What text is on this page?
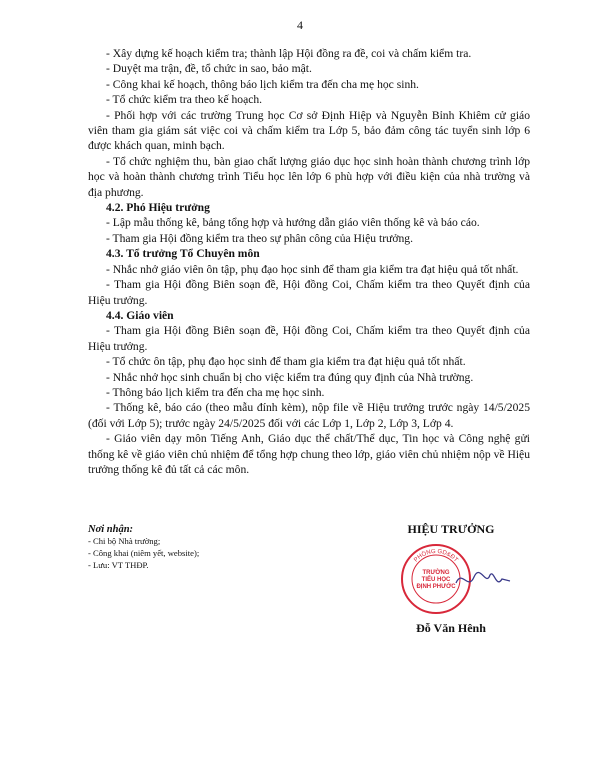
4

- Xây dựng kế hoạch kiểm tra; thành lập Hội đồng ra đề, coi và chấm kiểm tra.

- Duyệt ma trận, đề, tổ chức in sao, bảo mật.

- Công khai kế hoạch, thông báo lịch kiểm tra đến cha mẹ học sinh.

- Tổ chức kiểm tra theo kế hoạch.

- Phối hợp với các trường Trung học Cơ sở Định Hiệp và Nguyễn Bỉnh Khiêm cử giáo viên tham gia giám sát việc coi và chấm kiểm tra Lớp 5, bảo đảm công tác tuyển sinh lớp 6 được khách quan, minh bạch.

- Tổ chức nghiệm thu, bàn giao chất lượng giáo dục học sinh hoàn thành chương trình lớp học và hoàn thành chương trình Tiểu học lên lớp 6 phù hợp với điều kiện của nhà trường và địa phương.

4.2. Phó Hiệu trưởng

- Lập mẫu thống kê, bảng tổng hợp và hướng dẫn giáo viên thống kê và báo cáo.

- Tham gia Hội đồng kiểm tra theo sự phân công của Hiệu trưởng.

4.3. Tổ trưởng Tổ Chuyên môn

- Nhắc nhở giáo viên ôn tập, phụ đạo học sinh để tham gia kiểm tra đạt hiệu quả tốt nhất.

- Tham gia Hội đồng Biên soạn đề, Hội đồng Coi, Chấm kiểm tra theo Quyết định của Hiệu trưởng.

4.4. Giáo viên

- Tham gia Hội đồng Biên soạn đề, Hội đồng Coi, Chấm kiểm tra theo Quyết định của Hiệu trưởng.

- Tổ chức ôn tập, phụ đạo học sinh để tham gia kiểm tra đạt hiệu quả tốt nhất.

- Nhắc nhở học sinh chuẩn bị cho việc kiểm tra đúng quy định của Nhà trường.

- Thông báo lịch kiểm tra đến cha mẹ học sinh.

- Thống kê, báo cáo (theo mẫu đính kèm), nộp file về Hiệu trưởng trước ngày 14/5/2025 (đối với Lớp 5); trước ngày 24/5/2025 đối với các Lớp 1, Lớp 2, Lớp 3, Lớp 4.

- Giáo viên dạy môn Tiếng Anh, Giáo dục thể chất/Thể dục, Tin học và Công nghệ gửi thống kê về giáo viên chủ nhiệm để tổng hợp chung theo lớp, giáo viên chủ nhiệm nộp về Hiệu trưởng thống kê đủ tất cả các môn.

Nơi nhận:
- Chi bộ Nhà trường;
- Công khai (niêm yết, website);
- Lưu: VT THĐP.
HIỆU TRƯỞNG
PHÒNG GD&ĐT
TRƯỜNG
TIỂU HỌC
ĐỊNH PHƯỚC
Đỗ Văn Hênh
